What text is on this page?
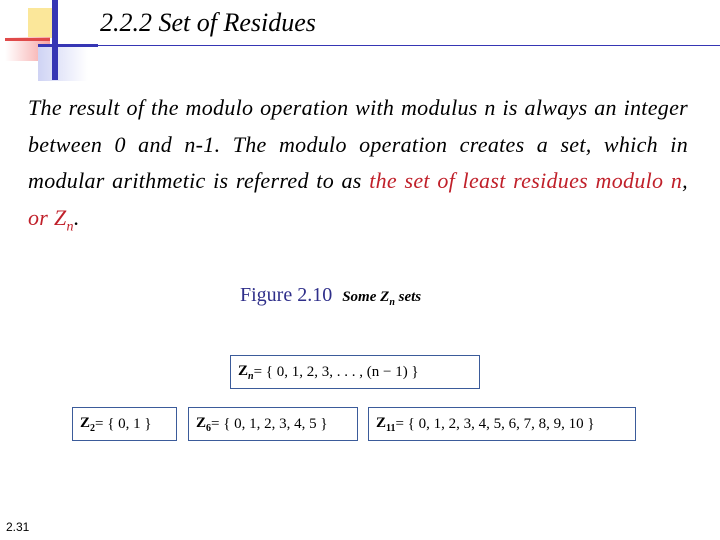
2.2.2 Set of Residues
The result of the modulo operation with modulus n is always an integer between 0 and n-1. The modulo operation creates a set, which in modular arithmetic is referred to as the set of least residues modulo n, or $Z_n$.
Figure 2.10 Some $Z_n$ sets
$Z_n$ = { 0, 1, 2, 3, . . . , (n − 1) }
$Z_2$ = { 0, 1 }	$Z_6$ = { 0, 1, 2, 3, 4, 5 }	$Z_{11}$ = { 0, 1, 2, 3, 4, 5, 6, 7, 8, 9, 10 }
2.31
